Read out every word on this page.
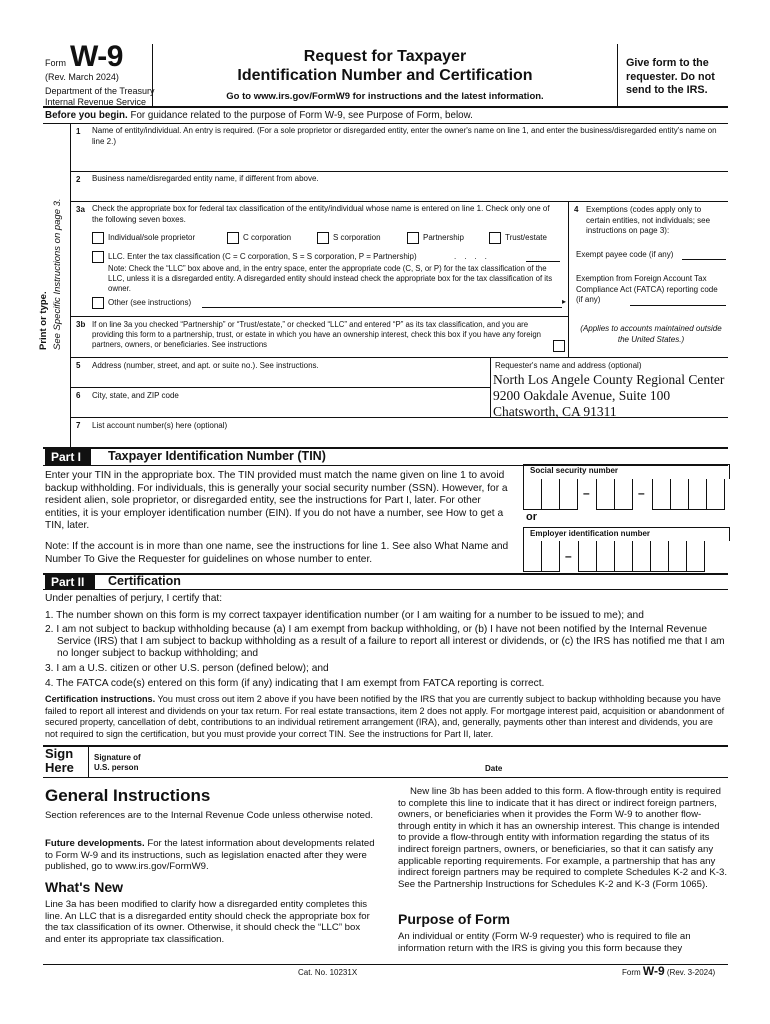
Form W-9
(Rev. March 2024)
Department of the Treasury
Internal Revenue Service
Request for Taxpayer
Identification Number and Certification
Go to www.irs.gov/FormW9 for instructions and the latest information.
Give form to the requester. Do not send to the IRS.
Before you begin. For guidance related to the purpose of Form W-9, see Purpose of Form, below.
Print or type. See Specific Instructions on page 3.
1 Name of entity/individual. An entry is required. (For a sole proprietor or disregarded entity, enter the owner's name on line 1, and enter the business/disregarded entity's name on line 2.)
2 Business name/disregarded entity name, if different from above.
3a Check the appropriate box for federal tax classification of the entity/individual whose name is entered on line 1. Check only one of the following seven boxes.
Individual/sole proprietor	C corporation	S corporation	Partnership	Trust/estate
LLC. Enter the tax classification (C = C corporation, S = S corporation, P = Partnership)	....
Note: Check the “LLC” box above and, in the entry space, enter the appropriate code (C, S, or P) for the tax classification of the LLC, unless it is a disregarded entity. A disregarded entity should instead check the appropriate box for the tax classification of its owner.
Other (see instructions)	▸
4 Exemptions (codes apply only to certain entities, not individuals; see instructions on page 3):
Exempt payee code (if any)
Exemption from Foreign Account Tax Compliance Act (FATCA) reporting code (if any)
3b If on line 3a you checked “Partnership” or “Trust/estate,” or checked “LLC” and entered “P” as its tax classification, and you are providing this form to a partnership, trust, or estate in which you have an ownership interest, check this box if you have any foreign partners, owners, or beneficiaries. See instructions
(Applies to accounts maintained outside the United States.)
5 Address (number, street, and apt. or suite no.). See instructions.	Requester's name and address (optional)
North Los Angele County Regional Center
9200 Oakdale Avenue, Suite 100
Chatsworth, CA 91311
6 City, state, and ZIP code
7 List account number(s) here (optional)
Part I	Taxpayer Identification Number (TIN)
Enter your TIN in the appropriate box. The TIN provided must match the name given on line 1 to avoid backup withholding. For individuals, this is generally your social security number (SSN). However, for a resident alien, sole proprietor, or disregarded entity, see the instructions for Part I, later. For other entities, it is your employer identification number (EIN). If you do not have a number, see How to get a TIN, later.
Note: If the account is in more than one name, see the instructions for line 1. See also What Name and Number To Give the Requester for guidelines on whose number to enter.
Social security number
–	–
or
Employer identification number
–
Part II	Certification
Under penalties of perjury, I certify that:
1. The number shown on this form is my correct taxpayer identification number (or I am waiting for a number to be issued to me); and
2. I am not subject to backup withholding because (a) I am exempt from backup withholding, or (b) I have not been notified by the Internal Revenue
Service (IRS) that I am subject to backup withholding as a result of a failure to report all interest or dividends, or (c) the IRS has notified me that I am
no longer subject to backup withholding; and
3. I am a U.S. citizen or other U.S. person (defined below); and
4. The FATCA code(s) entered on this form (if any) indicating that I am exempt from FATCA reporting is correct.
Certification instructions. You must cross out item 2 above if you have been notified by the IRS that you are currently subject to backup withholding because you have failed to report all interest and dividends on your tax return. For real estate transactions, item 2 does not apply. For mortgage interest paid, acquisition or abandonment of secured property, cancellation of debt, contributions to an individual retirement arrangement (IRA), and, generally, payments other than interest and dividends, you are not required to sign the certification, but you must provide your correct TIN. See the instructions for Part II, later.
Sign
Here
Signature of
U.S. person	Date
General Instructions
Section references are to the Internal Revenue Code unless otherwise noted.
Future developments. For the latest information about developments related to Form W-9 and its instructions, such as legislation enacted after they were published, go to www.irs.gov/FormW9.
What's New
Line 3a has been modified to clarify how a disregarded entity completes this line. An LLC that is a disregarded entity should check the appropriate box for the tax classification of its owner. Otherwise, it should check the “LLC” box and enter its appropriate tax classification.
New line 3b has been added to this form. A flow-through entity is required to complete this line to indicate that it has direct or indirect foreign partners, owners, or beneficiaries when it provides the Form W-9 to another flow-through entity in which it has an ownership interest. This change is intended to provide a flow-through entity with information regarding the status of its indirect foreign partners, owners, or beneficiaries, so that it can satisfy any applicable reporting requirements. For example, a partnership that has any indirect foreign partners may be required to complete Schedules K-2 and K-3. See the Partnership Instructions for Schedules K-2 and K-3 (Form 1065).
Purpose of Form
An individual or entity (Form W-9 requester) who is required to file an information return with the IRS is giving you this form because they
Cat. No. 10231X	Form W-9 (Rev. 3-2024)
